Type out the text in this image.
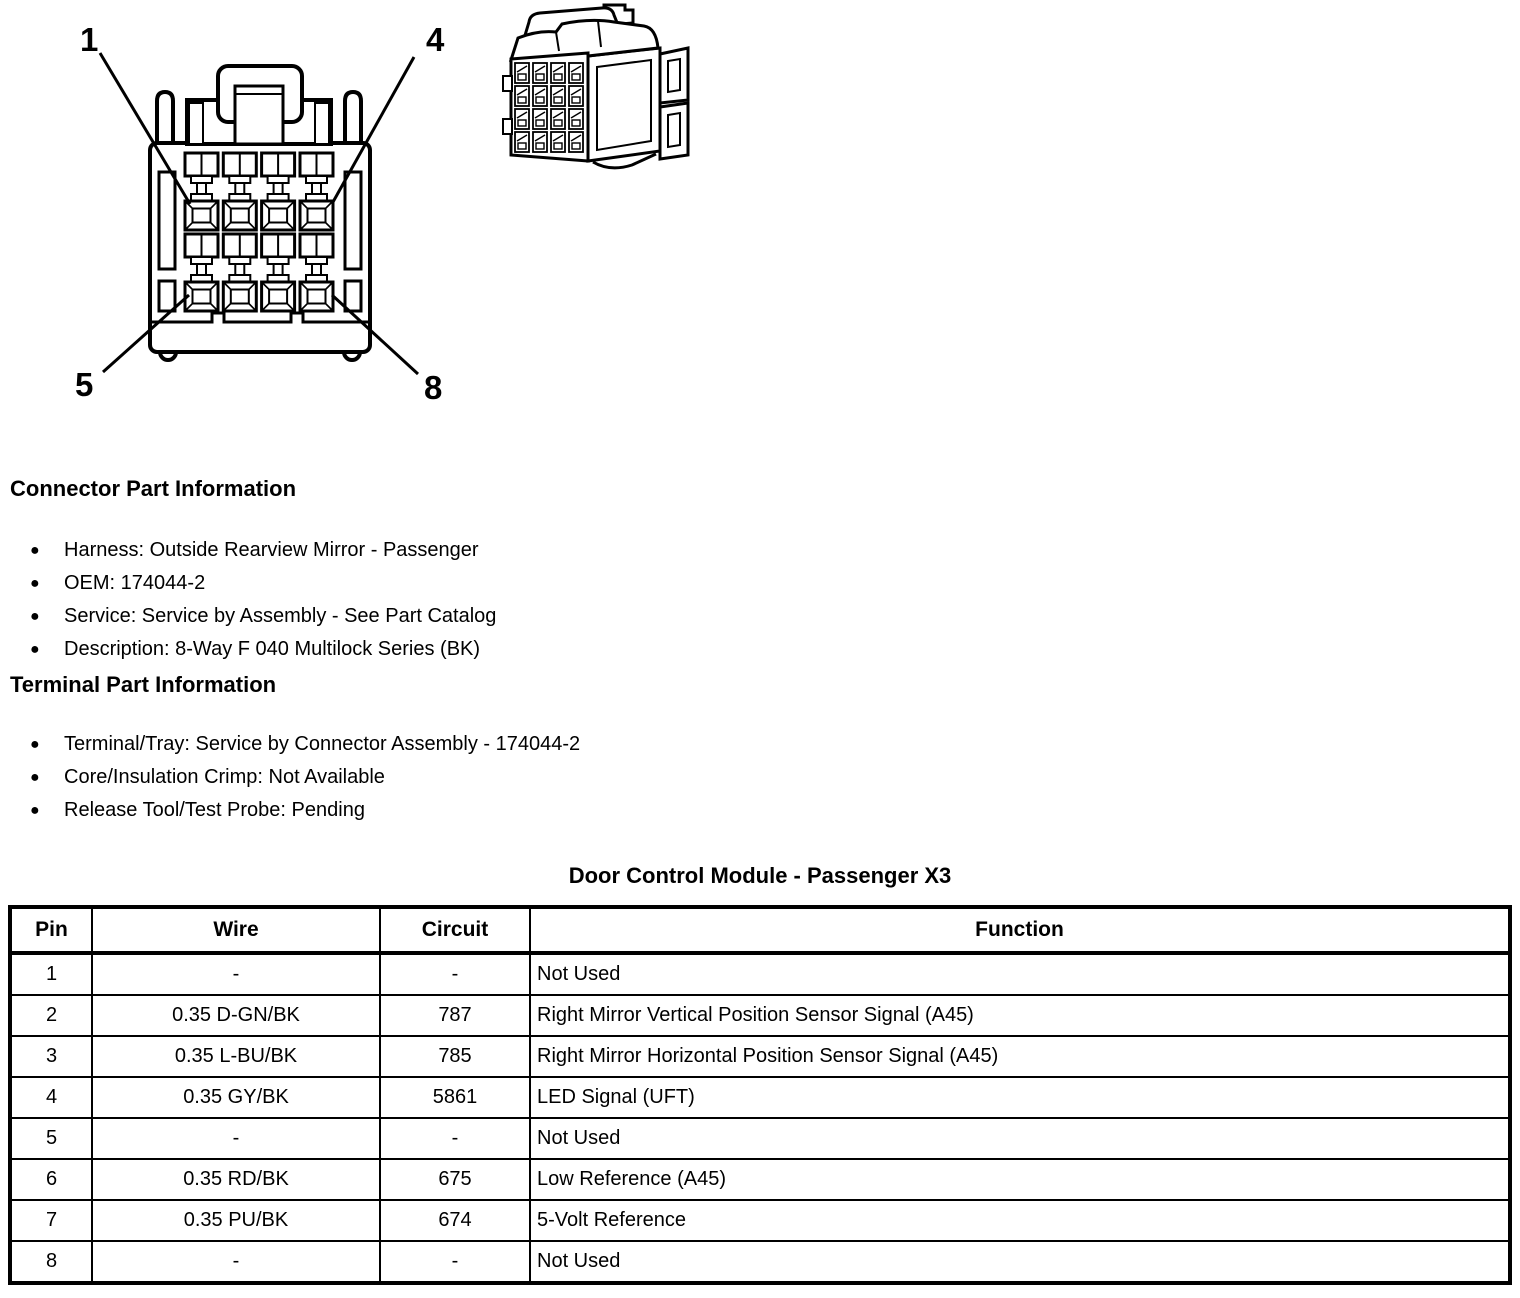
1	4
5	8
Connector Part Information
●	Harness: Outside Rearview Mirror - Passenger
●	OEM: 174044-2
●	Service: Service by Assembly - See Part Catalog
●	Description: 8-Way F 040 Multilock Series (BK)
Terminal Part Information
●	Terminal/Tray: Service by Connector Assembly - 174044-2
●	Core/Insulation Crimp: Not Available
●	Release Tool/Test Probe: Pending
Door Control Module - Passenger X3
Pin	Wire	Circuit	Function
1	-	-	Not Used
2	0.35 D-GN/BK	787	Right Mirror Vertical Position Sensor Signal (A45)
3	0.35 L-BU/BK	785	Right Mirror Horizontal Position Sensor Signal (A45)
4	0.35 GY/BK	5861	LED Signal (UFT)
5	-	-	Not Used
6	0.35 RD/BK	675	Low Reference (A45)
7	0.35 PU/BK	674	5-Volt Reference
8	-	-	Not Used
